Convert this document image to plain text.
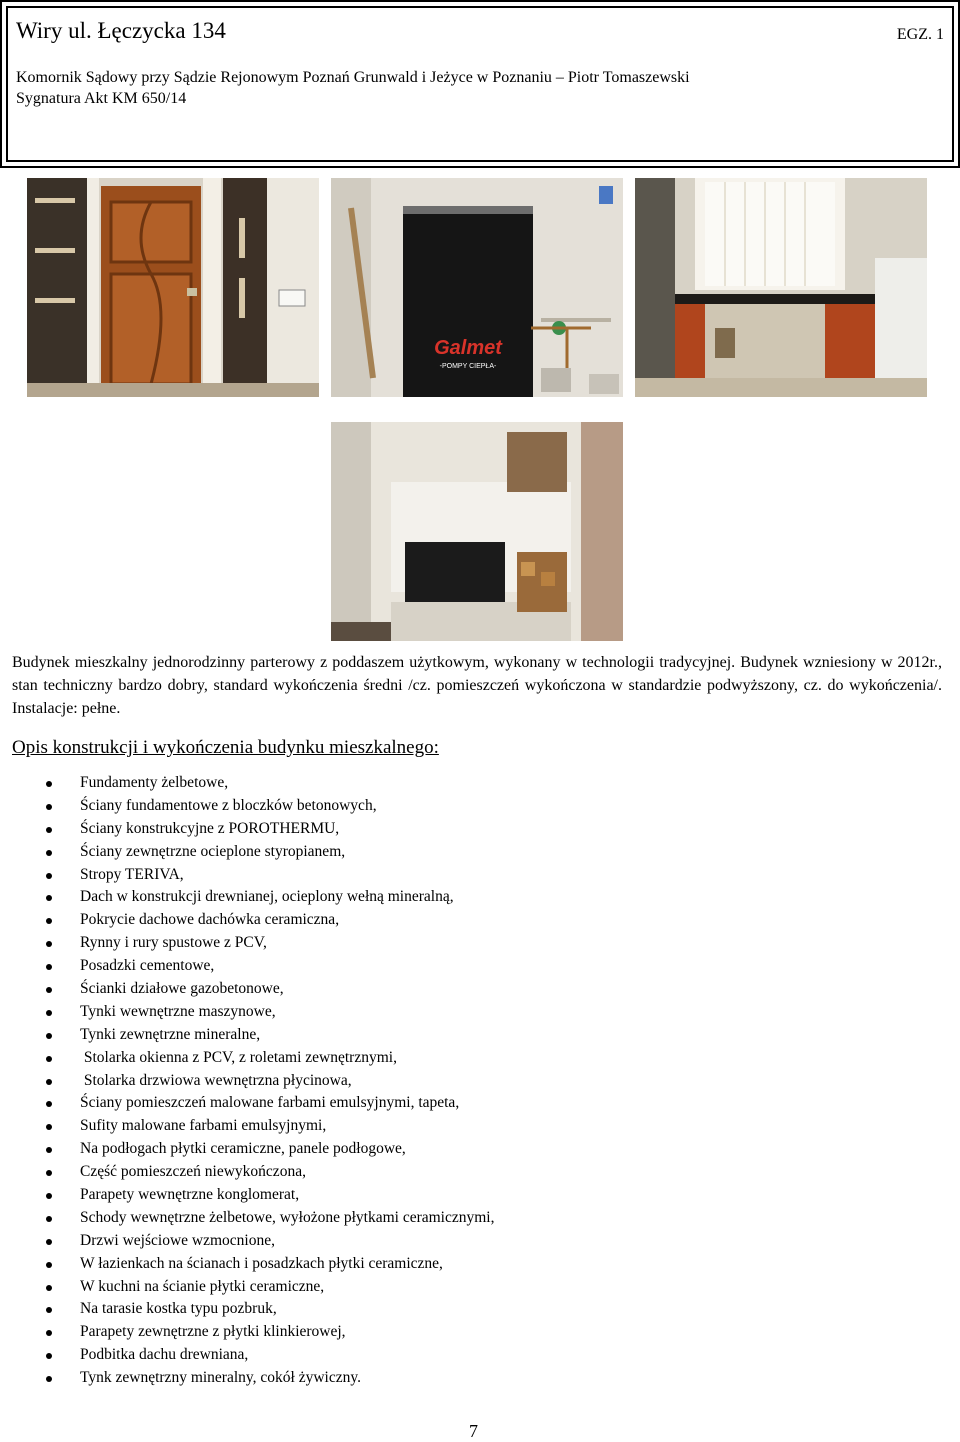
Wiry ul. Łęczycka 134	EGZ. 1
Komornik Sądowy przy Sądzie Rejonowym Poznań Grunwald i Jeżyce w Poznaniu – Piotr Tomaszewski
Sygnatura Akt KM 650/14
Galmet
-POMPY CIEPŁA-
Budynek mieszkalny jednorodzinny parterowy z poddaszem użytkowym, wykonany w technologii tradycyjnej. Budynek wzniesiony w 2012r., stan techniczny bardzo dobry, standard wykończenia średni /cz. pomieszczeń wykończona w standardzie podwyższony, cz. do wykończenia/. Instalacje: pełne.
Opis konstrukcji i wykończenia budynku mieszkalnego:
Fundamenty żelbetowe,
Ściany fundamentowe z bloczków betonowych,
Ściany konstrukcyjne z POROTHERMU,
Ściany zewnętrzne ocieplone styropianem,
Stropy TERIVA,
Dach w konstrukcji drewnianej, ocieplony wełną mineralną,
Pokrycie dachowe dachówka ceramiczna,
Rynny i rury spustowe z PCV,
Posadzki cementowe,
Ścianki działowe gazobetonowe,
Tynki wewnętrzne maszynowe,
Tynki zewnętrzne mineralne,
Stolarka okienna z PCV, z roletami zewnętrznymi,
Stolarka drzwiowa wewnętrzna płycinowa,
Ściany pomieszczeń malowane farbami emulsyjnymi, tapeta,
Sufity malowane farbami emulsyjnymi,
Na podłogach płytki ceramiczne, panele podłogowe,
Część pomieszczeń niewykończona,
Parapety wewnętrzne konglomerat,
Schody wewnętrzne żelbetowe, wyłożone płytkami ceramicznymi,
Drzwi wejściowe wzmocnione,
W łazienkach na ścianach i posadzkach płytki ceramiczne,
W kuchni na ścianie płytki ceramiczne,
Na tarasie kostka typu pozbruk,
Parapety zewnętrzne z płytki klinkierowej,
Podbitka dachu drewniana,
Tynk zewnętrzny mineralny, cokół żywiczny.
7
